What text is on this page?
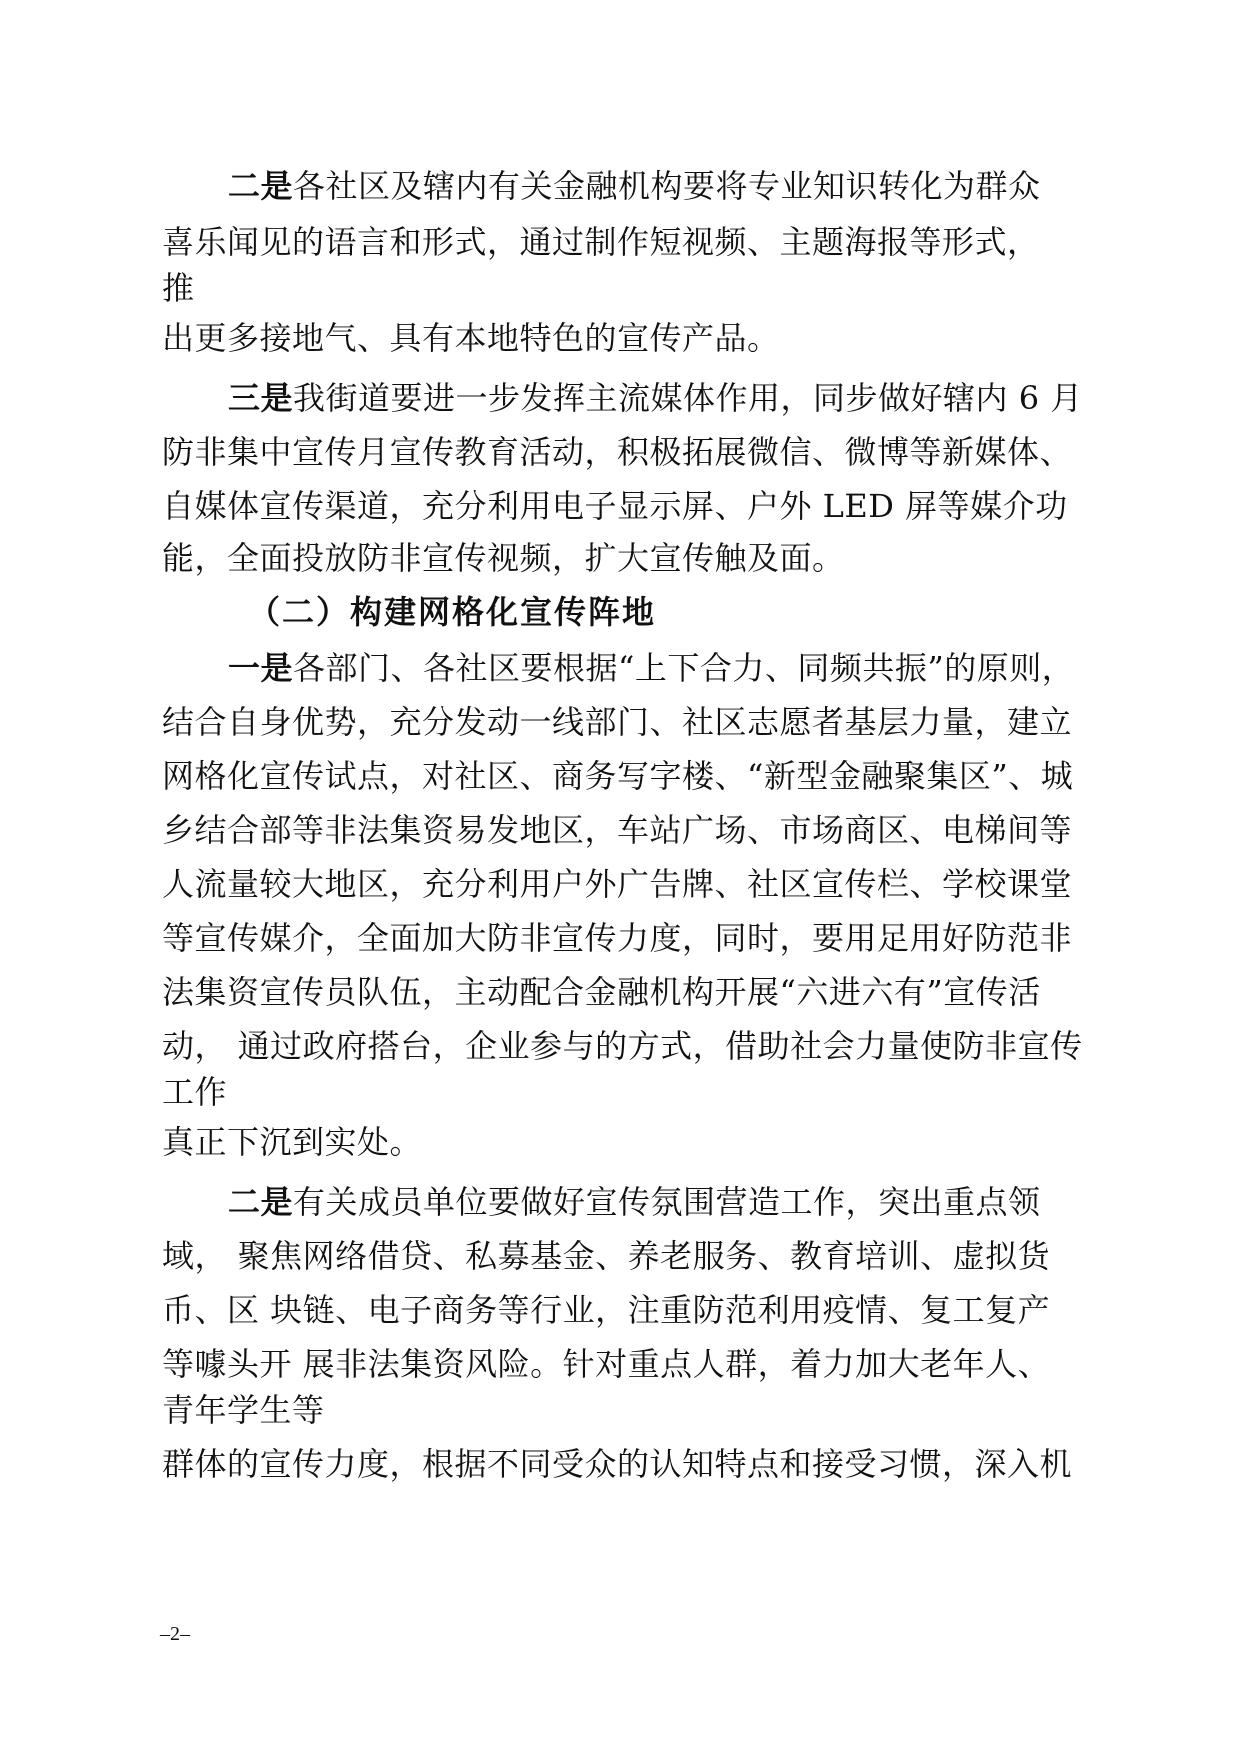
二是各社区及辖内有关金融机构要将专业知识转化为群众
喜乐闻见的语言和形式，通过制作短视频、主题海报等形式，
推
出更多接地气、具有本地特色的宣传产品。
三是我街道要进一步发挥主流媒体作用，同步做好辖内 6 月
防非集中宣传月宣传教育活动，积极拓展微信、微博等新媒体、
自媒体宣传渠道，充分利用电子显示屏、户外 LED 屏等媒介功
能，全面投放防非宣传视频，扩大宣传触及面。
（二）构建网格化宣传阵地
一是各部门、各社区要根据“上下合力、同频共振”的原则，
结合自身优势，充分发动一线部门、社区志愿者基层力量，建立
网格化宣传试点，对社区、商务写字楼、“新型金融聚集区”、城
乡结合部等非法集资易发地区，车站广场、市场商区、电梯间等
人流量较大地区，充分利用户外广告牌、社区宣传栏、学校课堂
等宣传媒介，全面加大防非宣传力度，同时，要用足用好防范非
法集资宣传员队伍，主动配合金融机构开展“六进六有”宣传活
动， 通过政府搭台，企业参与的方式，借助社会力量使防非宣传
工作
真正下沉到实处。
二是有关成员单位要做好宣传氛围营造工作，突出重点领
域， 聚焦网络借贷、私募基金、养老服务、教育培训、虚拟货
币、区 块链、电子商务等行业，注重防范利用疫情、复工复产
等噱头开 展非法集资风险。针对重点人群，着力加大老年人、
青年学生等
群体的宣传力度，根据不同受众的认知特点和接受习惯，深入机
–2–
